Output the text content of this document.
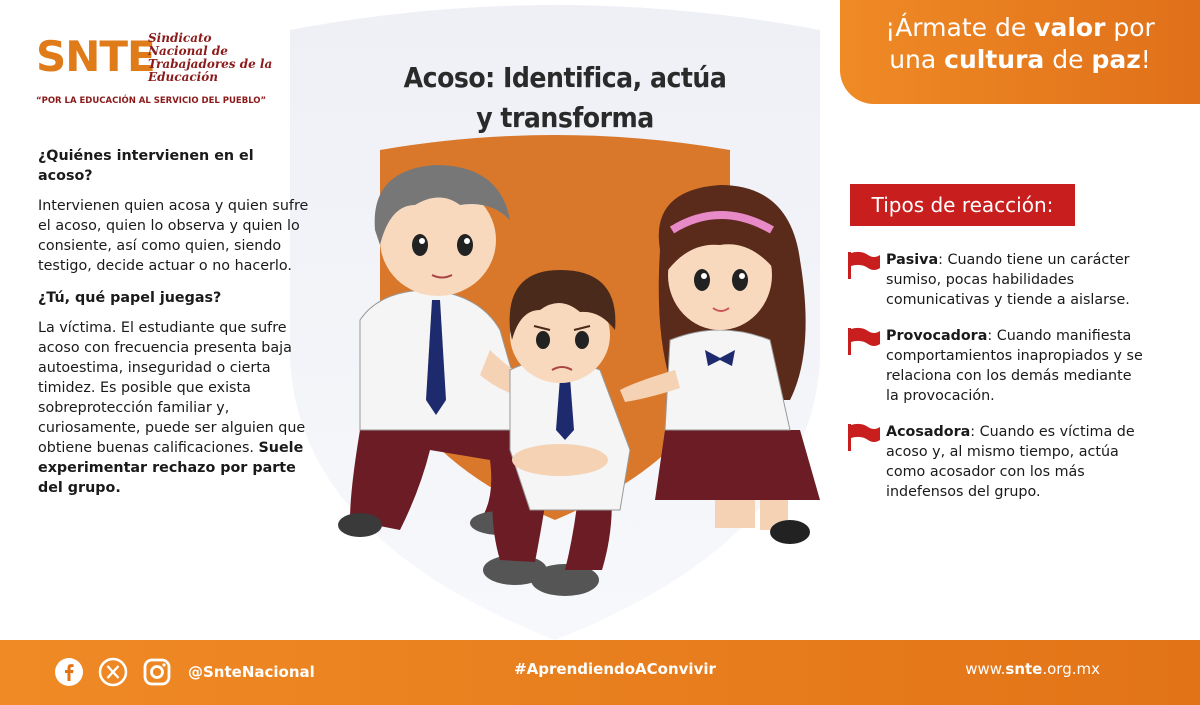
SNTE
Sindicato
Nacional de
Trabajadores de la
Educación
“POR LA EDUCACIÓN AL SERVICIO DEL PUEBLO”
¡Ármate de valor por
una cultura de paz!
Acoso: Identifica, actúa
y transforma
¿Quiénes intervienen en el acoso?

Intervienen quien acosa y quien sufre el acoso, quien lo observa y quien lo consiente, así como quien, siendo testigo, decide actuar o no hacerlo.

¿Tú, qué papel juegas?

La víctima. El estudiante que sufre acoso con frecuencia presenta baja autoestima, inseguridad o cierta timidez. Es posible que exista sobreprotección familiar y, curiosamente, puede ser alguien que obtiene buenas calificaciones. Suele experimentar rechazo por parte del grupo.

Tipos de reacción:
Pasiva: Cuando tiene un carácter sumiso, pocas habilidades comunicativas y tiende a aislarse.
Provocadora: Cuando manifiesta comportamientos inapropiados y se relaciona con los demás mediante la provocación.
Acosadora: Cuando es víctima de acoso y, al mismo tiempo, actúa como acosador con los más indefensos del grupo.
@SnteNacional	#AprendiendoAConvivir	www.snte.org.mx
